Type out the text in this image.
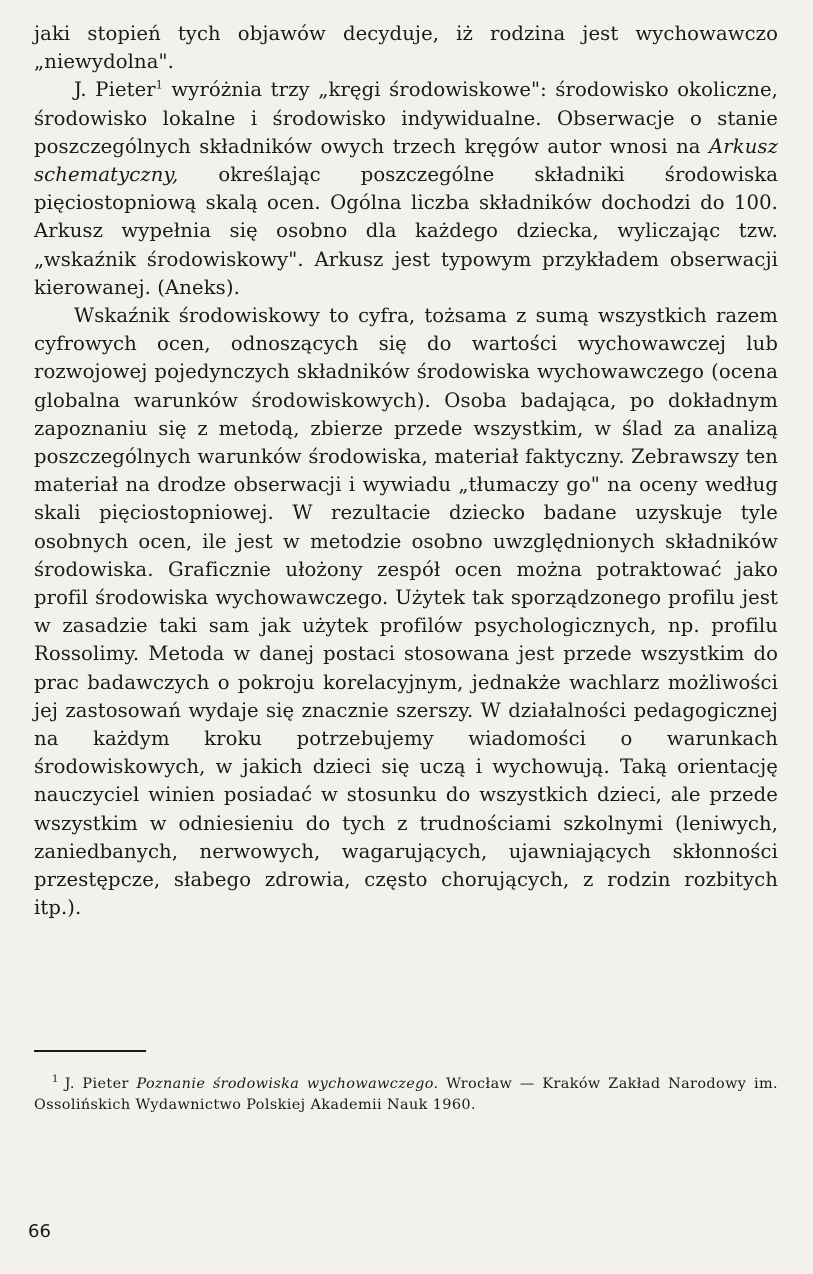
jaki stopień tych objawów decyduje, iż rodzina jest wychowawczo „niewydolna".

J. Pieter$^1$ wyróżnia trzy „kręgi środowiskowe": środowisko okoliczne, środowisko lokalne i środowisko indywidualne. Obserwacje o stanie poszczególnych składników owych trzech kręgów autor wnosi na Arkusz schematyczny, określając poszczególne składniki środowiska pięciostopniową skalą ocen. Ogólna liczba składników dochodzi do 100. Arkusz wypełnia się osobno dla każdego dziecka, wyliczając tzw. „wskaźnik środowiskowy". Arkusz jest typowym przykładem obserwacji kierowanej. (Aneks).

Wskaźnik środowiskowy to cyfra, tożsama z sumą wszystkich razem cyfrowych ocen, odnoszących się do wartości wychowawczej lub rozwojowej pojedynczych składników środowiska wychowawczego (ocena globalna warunków środowiskowych). Osoba badająca, po dokładnym zapoznaniu się z metodą, zbierze przede wszystkim, w ślad za analizą poszczególnych warunków środowiska, materiał faktyczny. Zebrawszy ten materiał na drodze obserwacji i wywiadu „tłumaczy go" na oceny według skali pięciostopniowej. W rezultacie dziecko badane uzyskuje tyle osobnych ocen, ile jest w metodzie osobno uwzględnionych składników środowiska. Graficznie ułożony zespół ocen można potraktować jako profil środowiska wychowawczego. Użytek tak sporządzonego profilu jest w zasadzie taki sam jak użytek profilów psychologicznych, np. profilu Rossolimy. Metoda w danej postaci stosowana jest przede wszystkim do prac badawczych o pokroju korelacyjnym, jednakże wachlarz możliwości jej zastosowań wydaje się znacznie szerszy. W działalności pedagogicznej na każdym kroku potrzebujemy wiadomości o warunkach środowiskowych, w jakich dzieci się uczą i wychowują. Taką orientację nauczyciel winien posiadać w stosunku do wszystkich dzieci, ale przede wszystkim w odniesieniu do tych z trudnościami szkolnymi (leniwych, zaniedbanych, nerwowych, wagarujących, ujawniających skłonności przestępcze, słabego zdrowia, często chorujących, z rodzin rozbitych itp.).

$^1$ J. Pieter Poznanie środowiska wychowawczego. Wrocław — Kraków Zakład Narodowy im. Ossolińskich Wydawnictwo Polskiej Akademii Nauk 1960.
66
